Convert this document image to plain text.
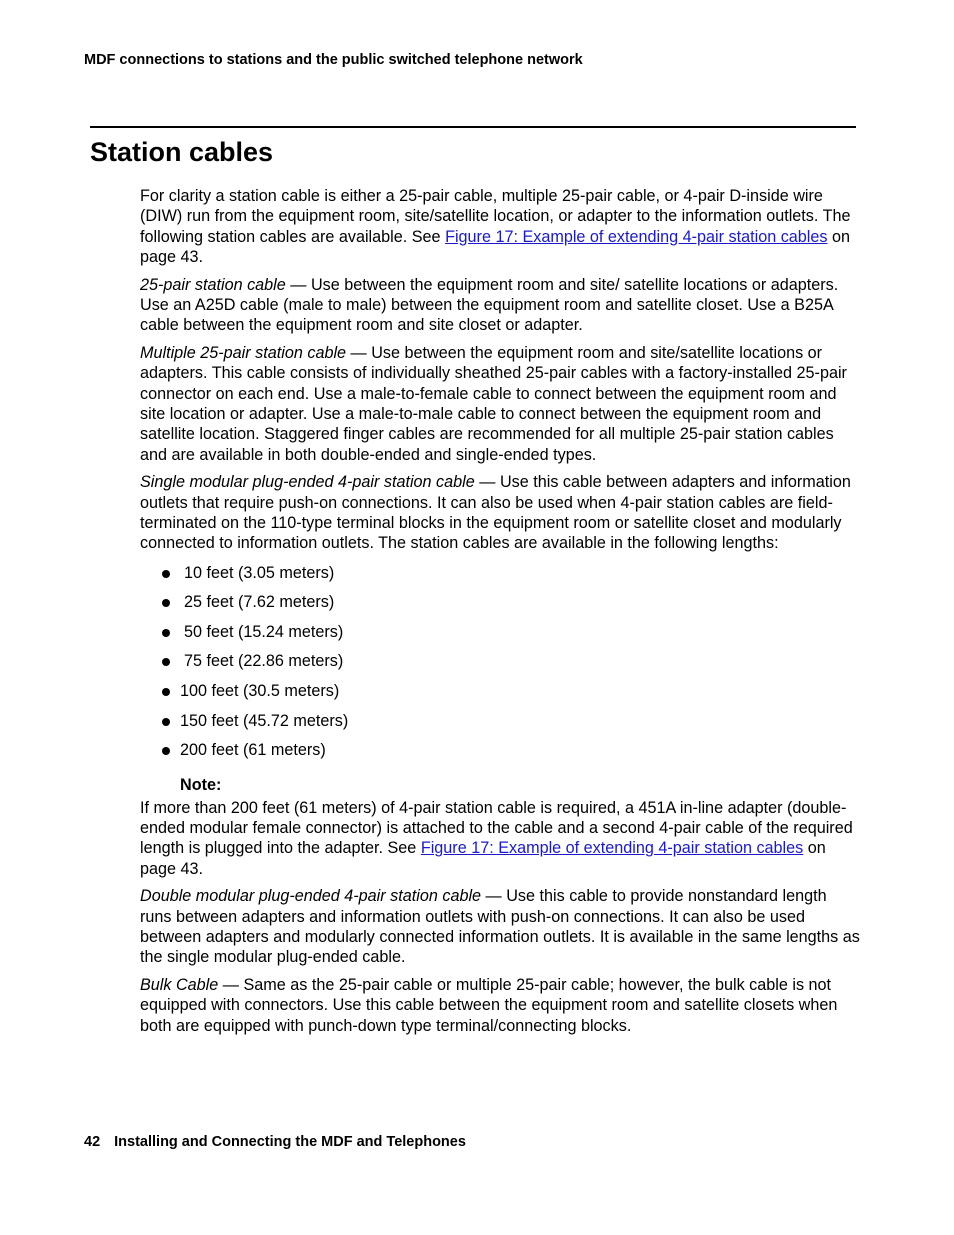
MDF connections to stations and the public switched telephone network
Station cables

For clarity a station cable is either a 25-pair cable, multiple 25-pair cable, or 4-pair D-inside wire (DIW) run from the equipment room, site/satellite location, or adapter to the information outlets. The following station cables are available. See Figure 17: Example of extending 4-pair station cables on page 43.

25-pair station cable — Use between the equipment room and site/ satellite locations or adapters. Use an A25D cable (male to male) between the equipment room and satellite closet. Use a B25A cable between the equipment room and site closet or adapter.

Multiple 25-pair station cable — Use between the equipment room and site/satellite locations or adapters. This cable consists of individually sheathed 25-pair cables with a factory-installed 25-pair connector on each end. Use a male-to-female cable to connect between the equipment room and site location or adapter. Use a male-to-male cable to connect between the equipment room and satellite location. Staggered finger cables are recommended for all multiple 25-pair station cables and are available in both double-ended and single-ended types.

Single modular plug-ended 4-pair station cable — Use this cable between adapters and information outlets that require push-on connections. It can also be used when 4-pair station cables are field-terminated on the 110-type terminal blocks in the equipment room or satellite closet and modularly connected to information outlets. The station cables are available in the following lengths:

10 feet (3.05 meters)
25 feet (7.62 meters)
50 feet (15.24 meters)
75 feet (22.86 meters)
100 feet (30.5 meters)
150 feet (45.72 meters)
200 feet (61 meters)
Note:

If more than 200 feet (61 meters) of 4-pair station cable is required, a 451A in-line adapter (double-ended modular female connector) is attached to the cable and a second 4-pair cable of the required length is plugged into the adapter. See Figure 17: Example of extending 4-pair station cables on page 43.

Double modular plug-ended 4-pair station cable — Use this cable to provide nonstandard length runs between adapters and information outlets with push-on connections. It can also be used between adapters and modularly connected information outlets. It is available in the same lengths as the single modular plug-ended cable.

Bulk Cable — Same as the 25-pair cable or multiple 25-pair cable; however, the bulk cable is not equipped with connectors. Use this cable between the equipment room and satellite closets when both are equipped with punch-down type terminal/connecting blocks.

42 Installing and Connecting the MDF and Telephones
